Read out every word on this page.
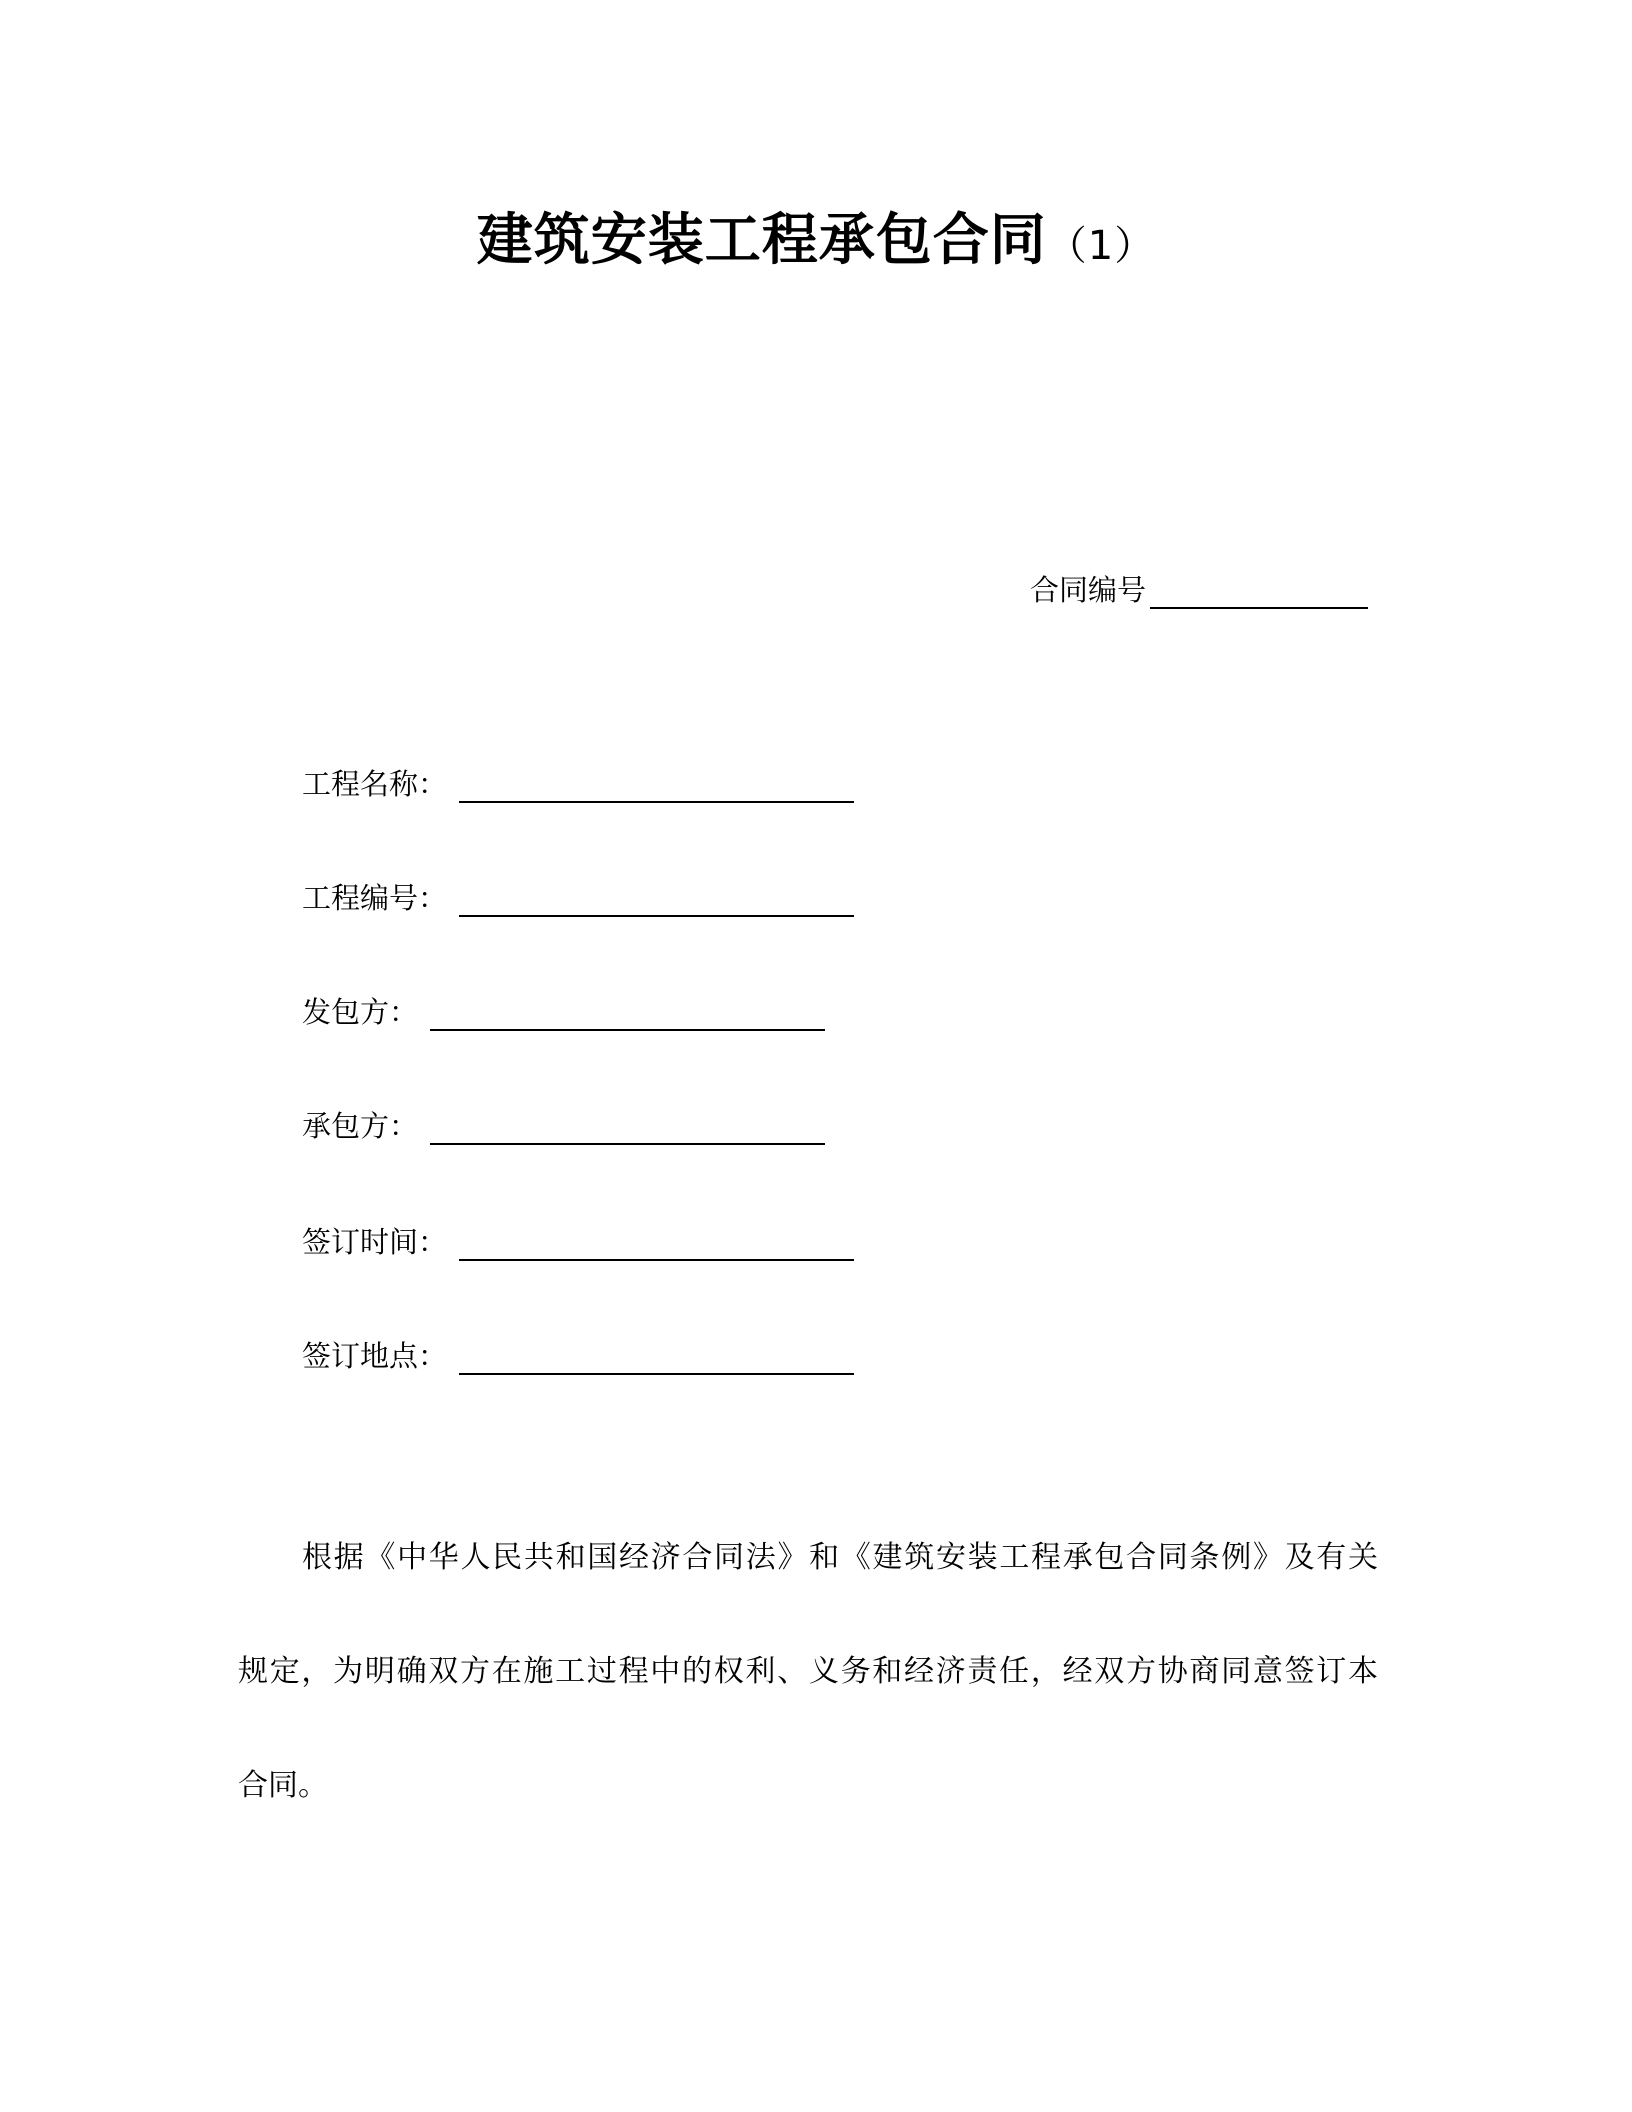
建筑安装工程承包合同（1）
合同编号
工程名称：
工程编号：
发包方：
承包方：
签订时间：
签订地点：
根据《中华人民共和国经济合同法》和《建筑安装工程承包合同条例》及有关
规定，为明确双方在施工过程中的权利、义务和经济责任，经双方协商同意签订本
合同。
